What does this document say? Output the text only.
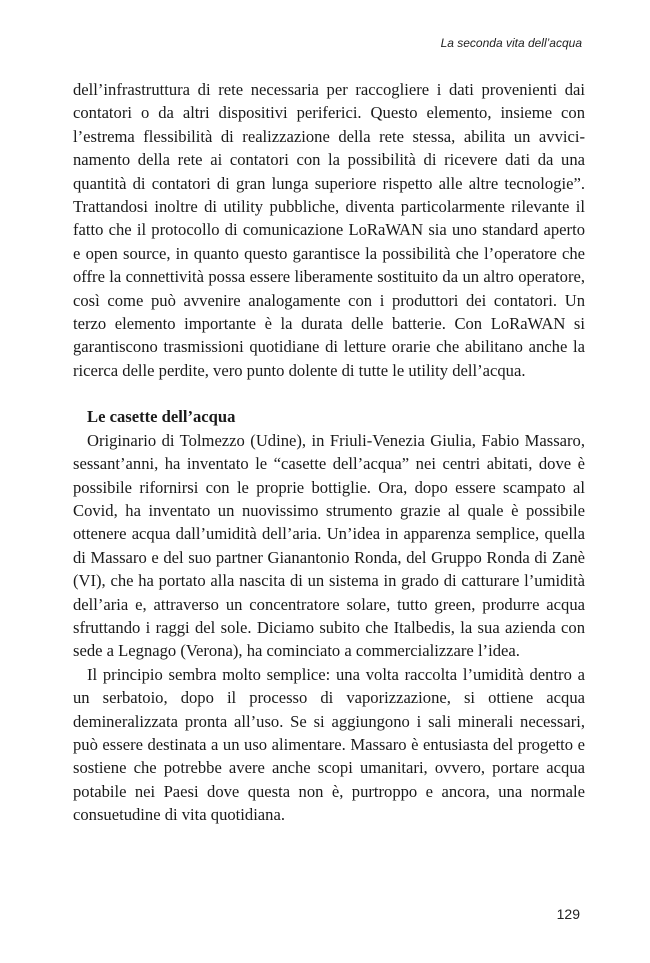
La seconda vita dell’acqua

dell’infrastruttura di rete necessaria per raccogliere i dati provenienti dai contatori o da altri dispositivi periferici. Questo elemento, insieme con l’estrema flessibilità di realizzazione della rete stessa, abilita un avvicinamento della rete ai contatori con la possibilità di ricevere dati da una quantità di contatori di gran lunga superiore rispetto alle altre tecnologie”. Trattandosi inoltre di utility pubbliche, diventa particolarmente rilevante il fatto che il protocollo di comunicazione LoRaWAN sia uno standard aperto e open source, in quanto questo garantisce la possibilità che l’operatore che offre la connettività possa essere liberamente sostituito da un altro operatore, così come può avvenire analogamente con i produttori dei contatori. Un terzo elemento importante è la durata delle batterie. Con LoRaWAN si garantiscono trasmissioni quotidiane di letture orarie che abilitano anche la ricerca delle perdite, vero punto dolente di tutte le utility dell’acqua.

Le casette dell’acqua

Originario di Tolmezzo (Udine), in Friuli-Venezia Giulia, Fabio Massaro, sessant’anni, ha inventato le “casette dell’acqua” nei centri abitati, dove è possibile rifornirsi con le proprie bottiglie. Ora, dopo essere scampato al Covid, ha inventato un nuovissimo strumento grazie al quale è possibile ottenere acqua dall’umidità dell’aria. Un’idea in apparenza semplice, quella di Massaro e del suo partner Gianantonio Ronda, del Gruppo Ronda di Zanè (VI), che ha portato alla nascita di un sistema in grado di catturare l’umidità dell’aria e, attraverso un concentratore solare, tutto green, produrre acqua sfruttando i raggi del sole. Diciamo subito che Italbedis, la sua azienda con sede a Legnago (Verona), ha cominciato a commercializzare l’idea.

Il principio sembra molto semplice: una volta raccolta l’umidità dentro a un serbatoio, dopo il processo di vaporizzazione, si ottiene acqua demineralizzata pronta all’uso. Se si aggiungono i sali minerali necessari, può essere destinata a un uso alimentare. Massaro è entusiasta del progetto e sostiene che potrebbe avere anche scopi umanitari, ovvero, portare acqua potabile nei Paesi dove questa non è, purtroppo e ancora, una normale consuetudine di vita quotidiana.

129
